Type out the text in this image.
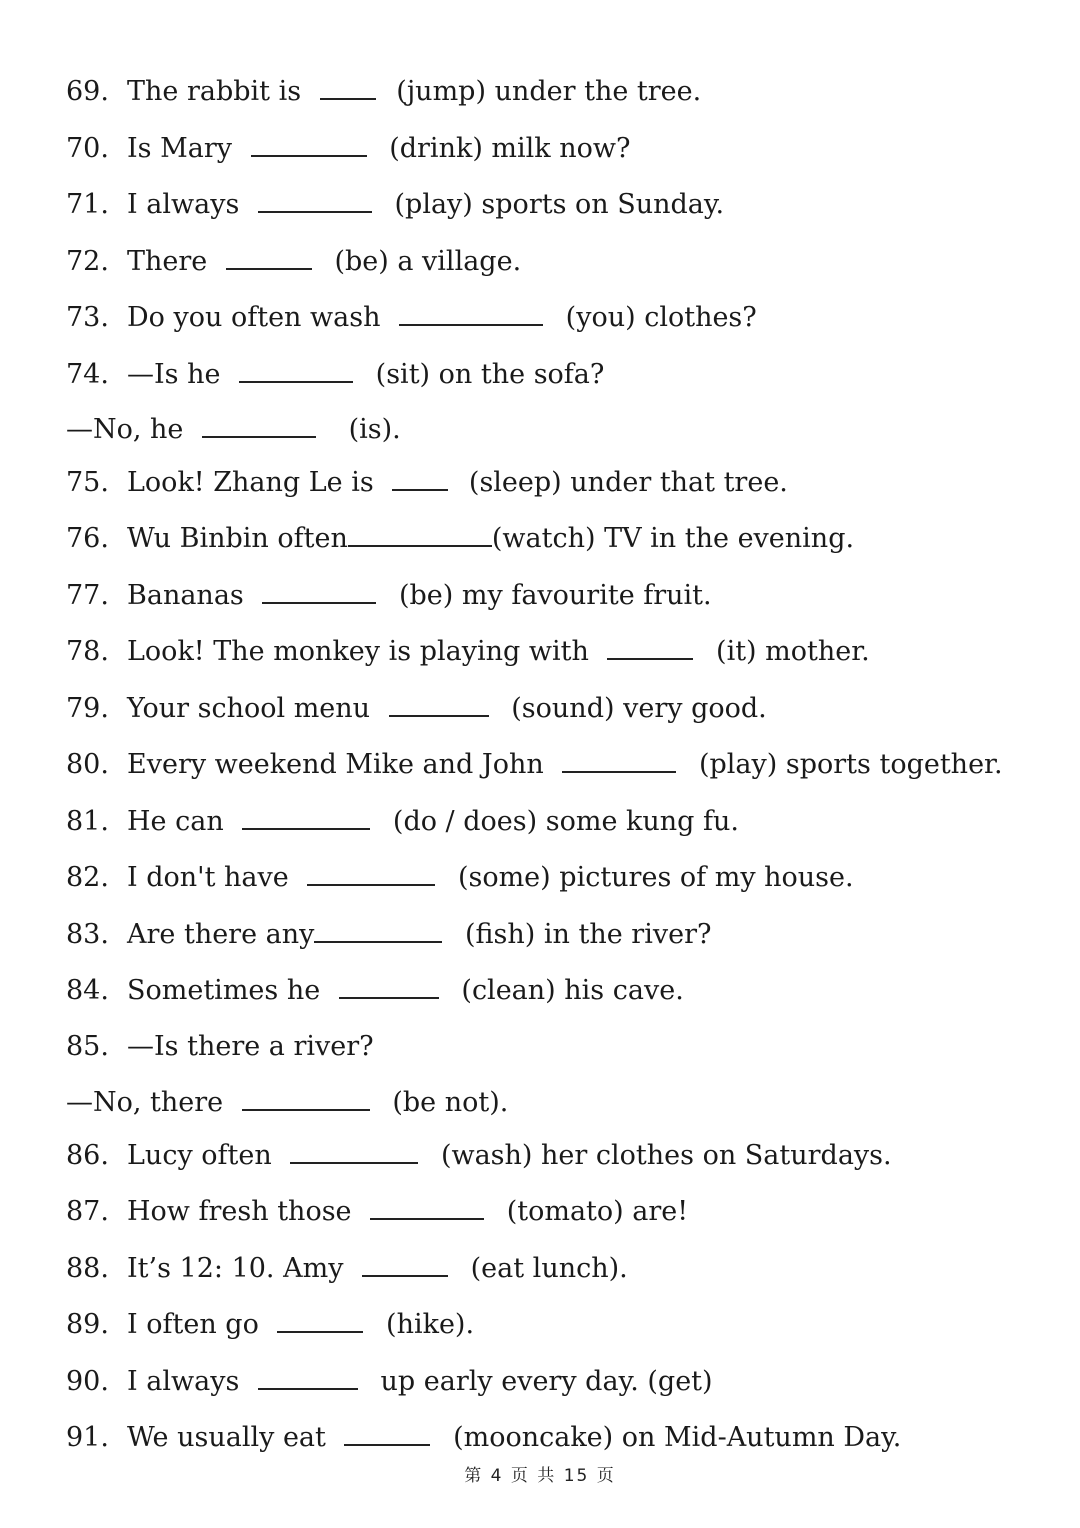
69. The rabbit is	(jump) under the tree.
70. Is Mary	(drink) milk now?
71. I always	(play) sports on Sunday.
72. There	(be) a village.
73. Do you often wash	(you) clothes?
74. —Is he	(sit) on the sofa?
—No, he	(is).
75. Look! Zhang Le is	(sleep) under that tree.
76. Wu Binbin often	(watch) TV in the evening.
77. Bananas	(be) my favourite fruit.
78. Look! The monkey is playing with	(it) mother.
79. Your school menu	(sound) very good.
80. Every weekend Mike and John	(play) sports together.
81. He can	(do / does) some kung fu.
82. I don't have	(some) pictures of my house.
83. Are there any	(fish) in the river?
84. Sometimes he	(clean) his cave.
85. —Is there a river?
—No, there	(be not).
86. Lucy often	(wash) her clothes on Saturdays.
87. How fresh those	(tomato) are!
88. It’s 12: 10. Amy	(eat lunch).
89. I often go	(hike).
90. I always	up early every day. (get)
91. We usually eat	(mooncake) on Mid-Autumn Day.
第 4 页 共 15 页
